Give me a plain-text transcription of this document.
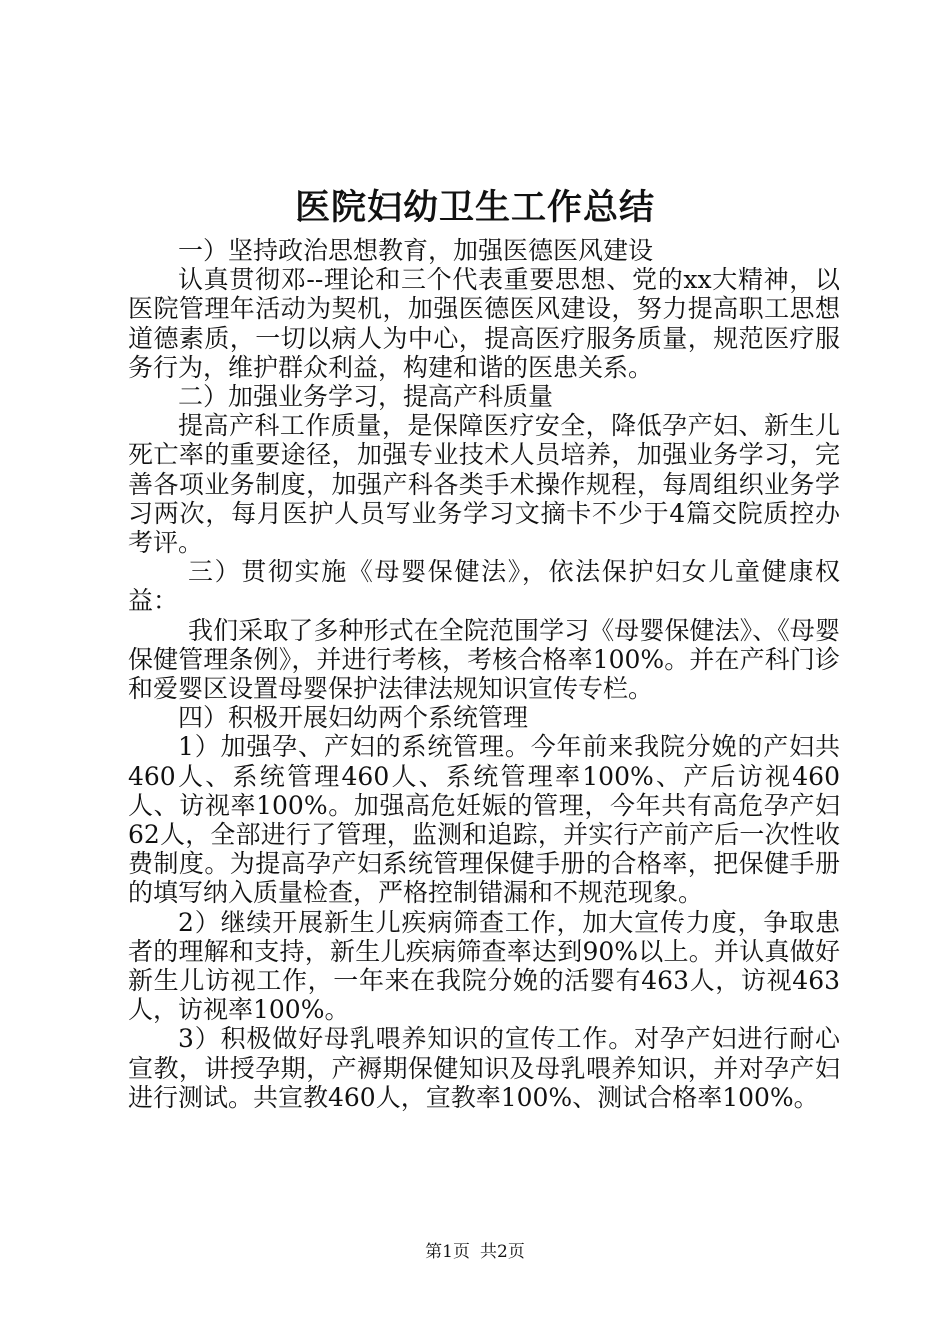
医院妇幼卫生工作总结

一）坚持政治思想教育，加强医德医风建设

认真贯彻邓--理论和三个代表重要思想、党的xx大精神，以医院管理年活动为契机，加强医德医风建设，努力提高职工思想道德素质，一切以病人为中心，提高医疗服务质量，规范医疗服务行为，维护群众利益，构建和谐的医患关系。

二）加强业务学习，提高产科质量

提高产科工作质量，是保障医疗安全，降低孕产妇、新生儿死亡率的重要途径，加强专业技术人员培养，加强业务学习，完善各项业务制度，加强产科各类手术操作规程，每周组织业务学习两次，每月医护人员写业务学习文摘卡不少于4篇交院质控办考评。

三）贯彻实施《母婴保健法》，依法保护妇女儿童健康权益：

我们采取了多种形式在全院范围学习《母婴保健法》、《母婴保健管理条例》，并进行考核，考核合格率100%。并在产科门诊和爱婴区设置母婴保护法律法规知识宣传专栏。

四）积极开展妇幼两个系统管理

1）加强孕、产妇的系统管理。今年前来我院分娩的产妇共460人、系统管理460人、系统管理率100%、产后访视460人、访视率100%。加强高危妊娠的管理，今年共有高危孕产妇62人，全部进行了管理，监测和追踪，并实行产前产后一次性收费制度。为提高孕产妇系统管理保健手册的合格率，把保健手册的填写纳入质量检查，严格控制错漏和不规范现象。

2）继续开展新生儿疾病筛查工作，加大宣传力度，争取患者的理解和支持，新生儿疾病筛查率达到90%以上。并认真做好新生儿访视工作，一年来在我院分娩的活婴有463人，访视463人，访视率100%。

3）积极做好母乳喂养知识的宣传工作。对孕产妇进行耐心宣教，讲授孕期，产褥期保健知识及母乳喂养知识，并对孕产妇进行测试。共宣教460人，宣教率100%、测试合格率100%。

第1页 共2页
